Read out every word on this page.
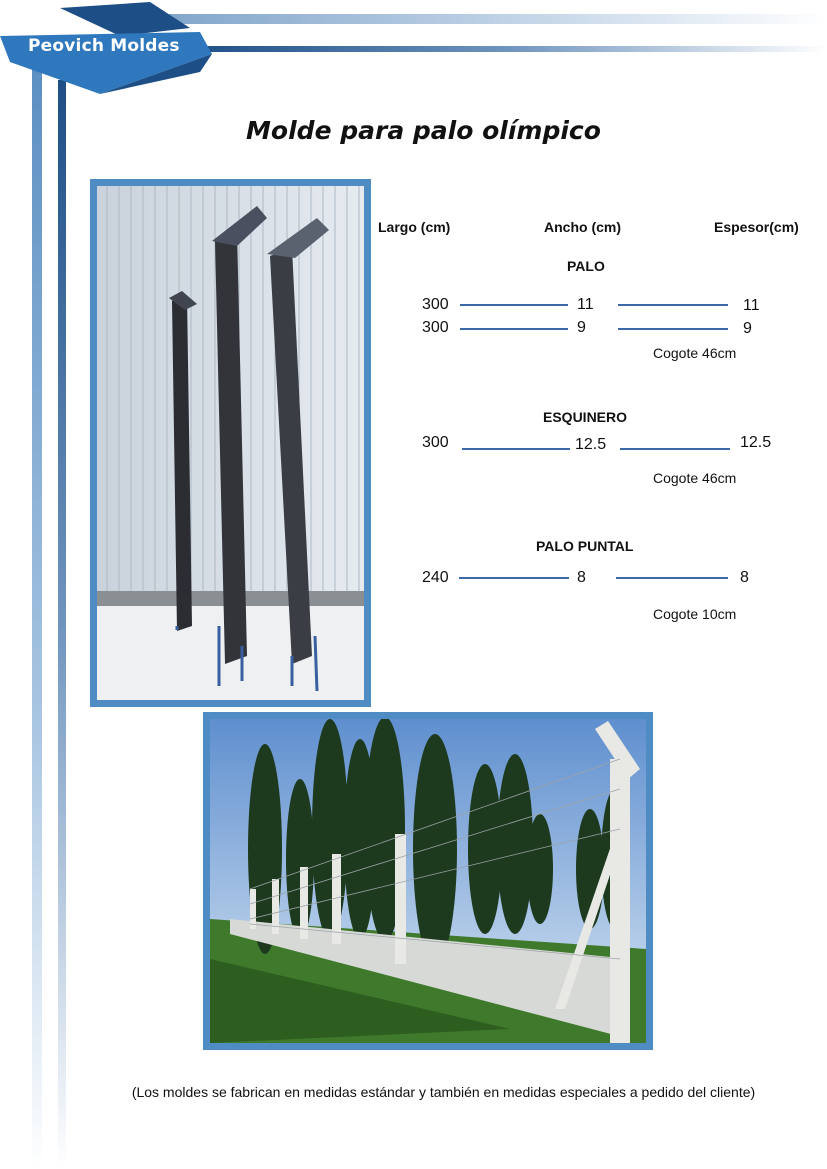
Peovich Moldes
Molde para palo olímpico
Largo (cm)	Ancho (cm)	Espesor(cm)
PALO
300	11	11
300	9	9
Cogote 46cm
ESQUINERO
300	12.5	12.5
Cogote 46cm
PALO PUNTAL
240	8	8
Cogote 10cm
(Los moldes se fabrican en medidas estándar y también en medidas especiales a pedido del cliente)
